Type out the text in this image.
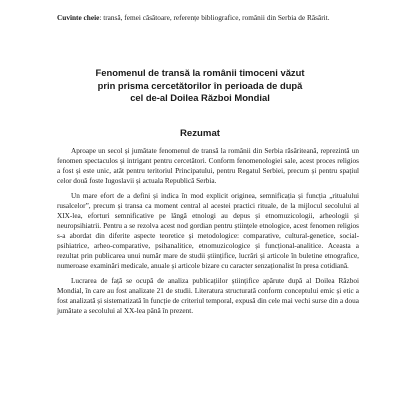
Cuvinte cheie: transă, femei căsătoare, referențe bibliografice, românii din Serbia de Răsărit.
Fenomenul de transă la românii timoceni văzut
prin prisma cercetătorilor în perioada de după
cel de-al Doilea Război Mondial
Rezumat

Aproape un secol și jumătate fenomenul de transă la românii din Serbia răsăriteană, reprezintă un fenomen spectaculos și intrigant pentru cercetători. Conform fenomenologiei sale, acest proces religios a fost și este unic, atât pentru teritoriul Principatului, pentru Regatul Serbiei, precum și pentru spațiul celor două foste Iugoslavii și actuala Republică Serbia.

Un mare efort de a defini și indica în mod explicit originea, semnificația și funcția „ritualului rusalcelor”, precum și transa ca moment central al acestei practici rituale, de la mijlocul secolului al XIX-lea, eforturi semnificative pe lângă etnologi au depus și etnomuzicologii, arheologii și neuropsihiatrii. Pentru a se rezolva acest nod gordian pentru științele etnologice, acest fenomen religios s-a abordat din diferite aspecte teoretice și metodologice: comparative, cultural-genetice, social-psihiatrice, arheo-comparative, psihanalitice, etnomuzicologice și funcțional-analitice. Aceasta a rezultat prin publicarea unui număr mare de studii științifice, lucrări și articole în buletine etnografice, numeroase examinări medicale, anuale și articole bizare cu caracter senzaționalist în presa cotidiană.

Lucrarea de față se ocupă de analiza publicațiilor științifice apărute după al Doilea Război Mondial, în care au fost analizate 21 de studii. Literatura structurată conform conceptului emic și etic a fost analizată și sistematizată în funcție de criteriul temporal, expusă din cele mai vechi surse din a doua jumătate a secolului al XX-lea până în prezent.
